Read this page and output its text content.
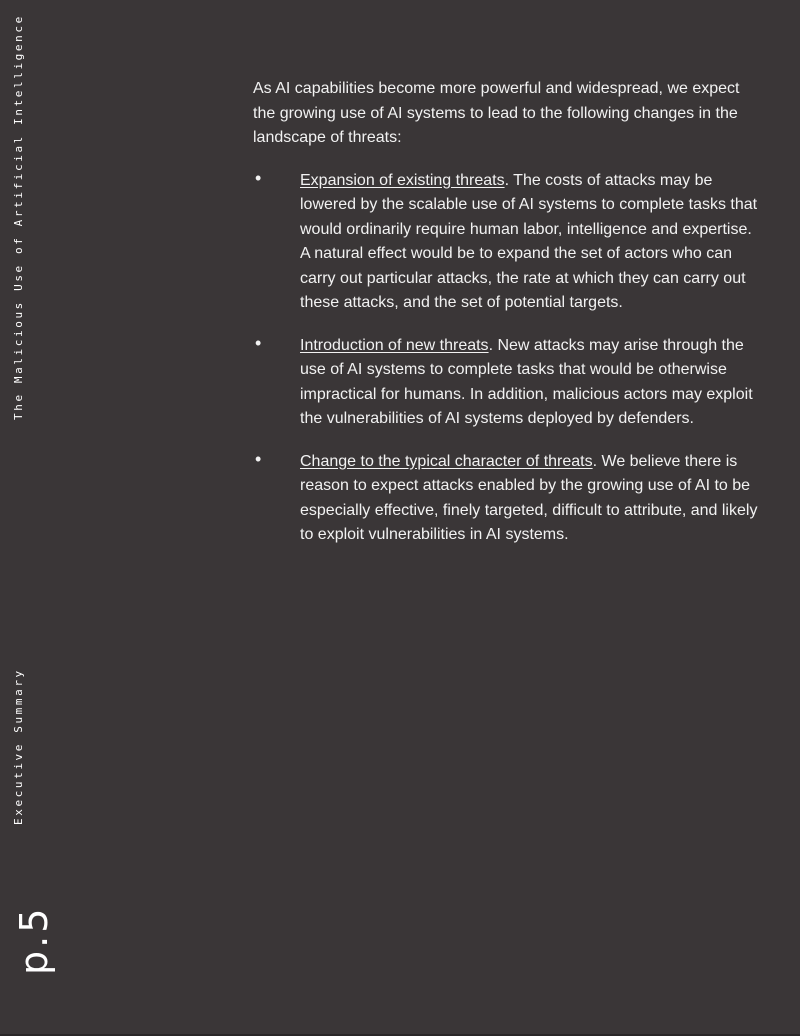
The Malicious Use of Artificial Intelligence
Executive Summary
p.5

As AI capabilities become more powerful and widespread, we expect the growing use of AI systems to lead to the following changes in the landscape of threats:

• Expansion of existing threats. The costs of attacks may be lowered by the scalable use of AI systems to complete tasks that would ordinarily require human labor, intelligence and expertise. A natural effect would be to expand the set of actors who can carry out particular attacks, the rate at which they can carry out these attacks, and the set of potential targets.
• Introduction of new threats. New attacks may arise through the use of AI systems to complete tasks that would be otherwise impractical for humans. In addition, malicious actors may exploit the vulnerabilities of AI systems deployed by defenders.
• Change to the typical character of threats. We believe there is reason to expect attacks enabled by the growing use of AI to be especially effective, finely targeted, difficult to attribute, and likely to exploit vulnerabilities in AI systems.
